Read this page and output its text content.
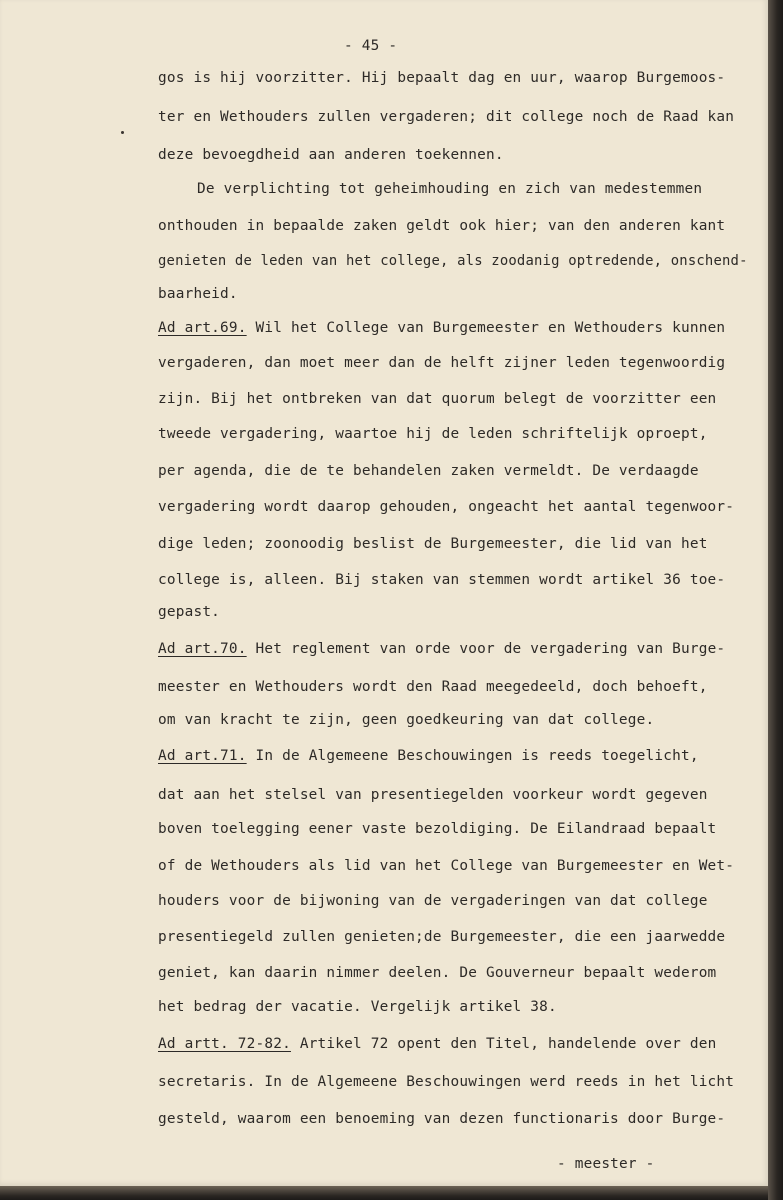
- 45 -
gos is hij voorzitter. Hij bepaalt dag en uur, waarop Burgemoos-
ter en Wethouders zullen vergaderen; dit college noch de Raad kan
deze bevoegdheid aan anderen toekennen.
De verplichting tot geheimhouding en zich van medestemmen
onthouden in bepaalde zaken geldt ook hier; van den anderen kant
genieten de leden van het college, als zoodanig optredende, onschend-
baarheid.
Ad art.69. Wil het College van Burgemeester en Wethouders kunnen
vergaderen, dan moet meer dan de helft zijner leden tegenwoordig
zijn. Bij het ontbreken van dat quorum belegt de voorzitter een
tweede vergadering, waartoe hij de leden schriftelijk oproept,
per agenda, die de te behandelen zaken vermeldt. De verdaagde
vergadering wordt daarop gehouden, ongeacht het aantal tegenwoor-
dige leden; zoonoodig beslist de Burgemeester, die lid van het
college is, alleen. Bij staken van stemmen wordt artikel 36 toe-
gepast.
Ad art.70. Het reglement van orde voor de vergadering van Burge-
meester en Wethouders wordt den Raad meegedeeld, doch behoeft,
om van kracht te zijn, geen goedkeuring van dat college.
Ad art.71. In de Algemeene Beschouwingen is reeds toegelicht,
dat aan het stelsel van presentiegelden voorkeur wordt gegeven
boven toelegging eener vaste bezoldiging. De Eilandraad bepaalt
of de Wethouders als lid van het College van Burgemeester en Wet-
houders voor de bijwoning van de vergaderingen van dat college
presentiegeld zullen genieten;de Burgemeester, die een jaarwedde
geniet, kan daarin nimmer deelen. De Gouverneur bepaalt wederom
het bedrag der vacatie. Vergelijk artikel 38.
Ad artt. 72-82. Artikel 72 opent den Titel, handelende over den
secretaris. In de Algemeene Beschouwingen werd reeds in het licht
gesteld, waarom een benoeming van dezen functionaris door Burge-
- meester -
